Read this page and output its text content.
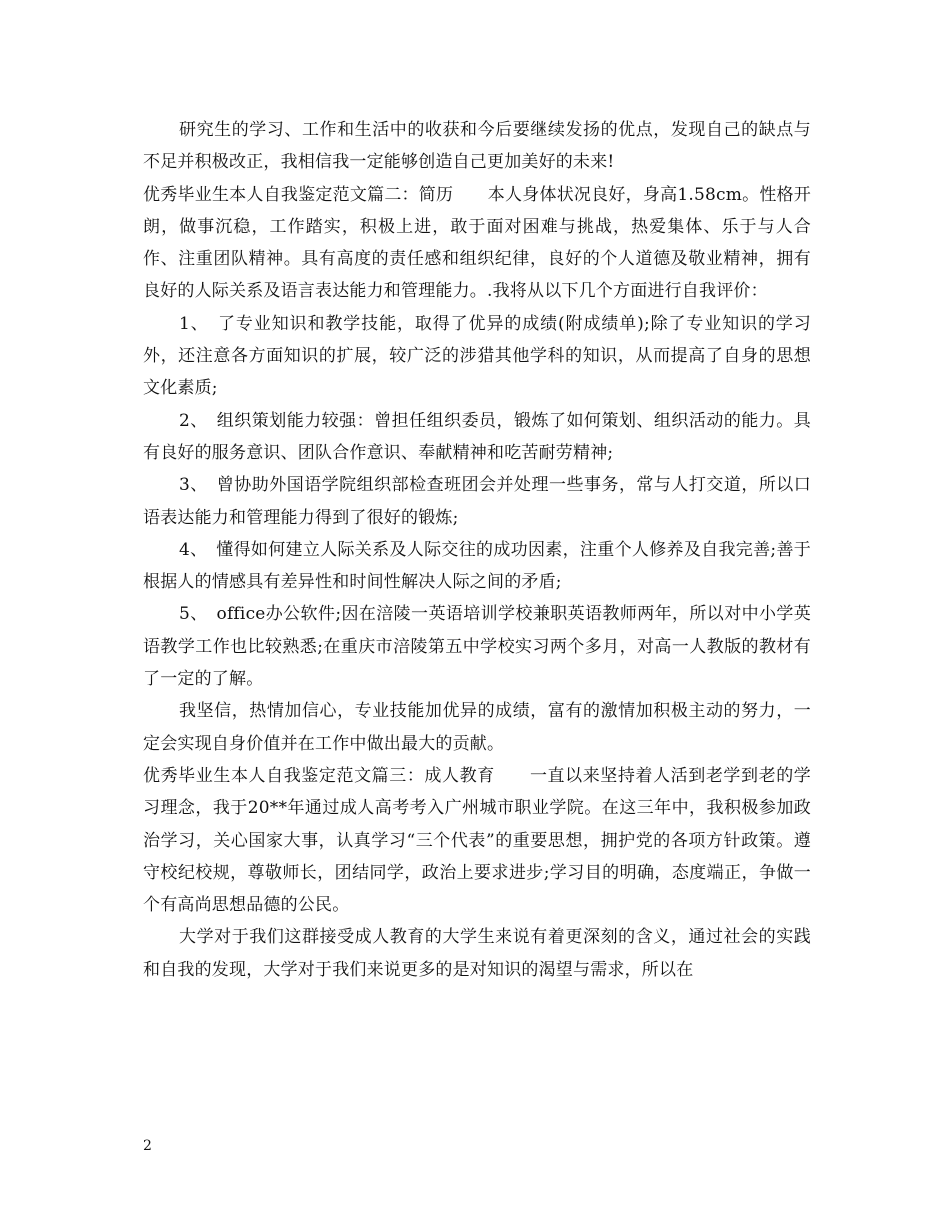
研究生的学习、工作和生活中的收获和今后要继续发扬的优点，发现自己的缺点与不足并积极改正，我相信我一定能够创造自己更加美好的未来!

优秀毕业生本人自我鉴定范文篇二：简历　　本人身体状况良好，身高1.58cm。性格开朗，做事沉稳，工作踏实，积极上进，敢于面对困难与挑战，热爱集体、乐于与人合作、注重团队精神。具有高度的责任感和组织纪律，良好的个人道德及敬业精神，拥有良好的人际关系及语言表达能力和管理能力。.我将从以下几个方面进行自我评价：

1、　了专业知识和教学技能，取得了优异的成绩(附成绩单);除了专业知识的学习外，还注意各方面知识的扩展，较广泛的涉猎其他学科的知识，从而提高了自身的思想文化素质;

2、　组织策划能力较强：曾担任组织委员，锻炼了如何策划、组织活动的能力。具有良好的服务意识、团队合作意识、奉献精神和吃苦耐劳精神;

3、　曾协助外国语学院组织部检查班团会并处理一些事务，常与人打交道，所以口语表达能力和管理能力得到了很好的锻炼;

4、　懂得如何建立人际关系及人际交往的成功因素，注重个人修养及自我完善;善于根据人的情感具有差异性和时间性解决人际之间的矛盾;

5、　office办公软件;因在涪陵一英语培训学校兼职英语教师两年，所以对中小学英语教学工作也比较熟悉;在重庆市涪陵第五中学校实习两个多月，对高一人教版的教材有了一定的了解。

我坚信，热情加信心，专业技能加优异的成绩，富有的激情加积极主动的努力，一定会实现自身价值并在工作中做出最大的贡献。

优秀毕业生本人自我鉴定范文篇三：成人教育　　一直以来坚持着人活到老学到老的学习理念，我于20**年通过成人高考考入广州城市职业学院。在这三年中，我积极参加政治学习，关心国家大事，认真学习“三个代表”的重要思想，拥护党的各项方针政策。遵守校纪校规，尊敬师长，团结同学，政治上要求进步;学习目的明确，态度端正，争做一个有高尚思想品德的公民。

大学对于我们这群接受成人教育的大学生来说有着更深刻的含义，通过社会的实践和自我的发现，大学对于我们来说更多的是对知识的渴望与需求，所以在

2
